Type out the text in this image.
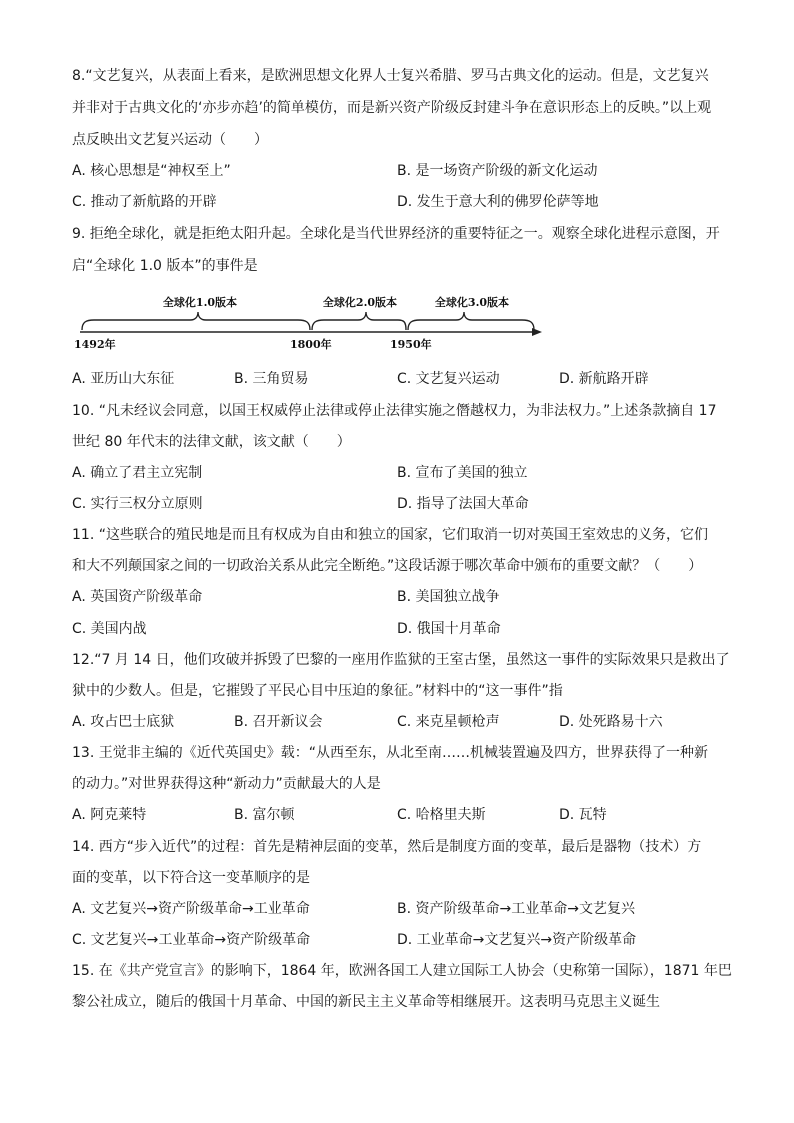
8.“文艺复兴，从表面上看来，是欧洲思想文化界人士复兴希腊、罗马古典文化的运动。但是，文艺复兴
并非对于古典文化的‘亦步亦趋’的简单模仿，而是新兴资产阶级反封建斗争在意识形态上的反映。”以上观
点反映出文艺复兴运动（　　）
A. 核心思想是“神权至上”	B. 是一场资产阶级的新文化运动
C. 推动了新航路的开辟	D. 发生于意大利的佛罗伦萨等地
9. 拒绝全球化，就是拒绝太阳升起。全球化是当代世界经济的重要特征之一。观察全球化进程示意图，开
启“全球化 1.0 版本”的事件是
全球化1.0版本	全球化2.0版本	全球化3.0版本
1492年	1800年	1950年
A. 亚历山大东征	B. 三角贸易	C. 文艺复兴运动	D. 新航路开辟
10. “凡未经议会同意，以国王权威停止法律或停止法律实施之僭越权力，为非法权力。”上述条款摘自 17
世纪 80 年代末的法律文献，该文献（　　）
A. 确立了君主立宪制	B. 宣布了美国的独立
C. 实行三权分立原则	D. 指导了法国大革命
11. “这些联合的殖民地是而且有权成为自由和独立的国家，它们取消一切对英国王室效忠的义务，它们
和大不列颠国家之间的一切政治关系从此完全断绝。”这段话源于哪次革命中颁布的重要文献？（　　）
A. 英国资产阶级革命	B. 美国独立战争
C. 美国内战	D. 俄国十月革命
12.“7 月 14 日，他们攻破并拆毁了巴黎的一座用作监狱的王室古堡，虽然这一事件的实际效果只是救出了
狱中的少数人。但是，它摧毁了平民心目中压迫的象征。”材料中的“这一事件”指
A. 攻占巴士底狱	B. 召开新议会	C. 来克星顿枪声	D. 处死路易十六
13. 王觉非主编的《近代英国史》载：“从西至东，从北至南……机械装置遍及四方，世界获得了一种新
的动力。”对世界获得这种“新动力”贡献最大的人是
A. 阿克莱特	B. 富尔顿	C. 哈格里夫斯	D. 瓦特
14. 西方“步入近代”的过程：首先是精神层面的变革，然后是制度方面的变革，最后是器物（技术）方
面的变革，以下符合这一变革顺序的是
A. 文艺复兴→资产阶级革命→工业革命	B. 资产阶级革命→工业革命→文艺复兴
C. 文艺复兴→工业革命→资产阶级革命	D. 工业革命→文艺复兴→资产阶级革命
15. 在《共产党宣言》的影响下，1864 年，欧洲各国工人建立国际工人协会（史称第一国际），1871 年巴
黎公社成立，随后的俄国十月革命、中国的新民主主义革命等相继展开。这表明马克思主义诞生
